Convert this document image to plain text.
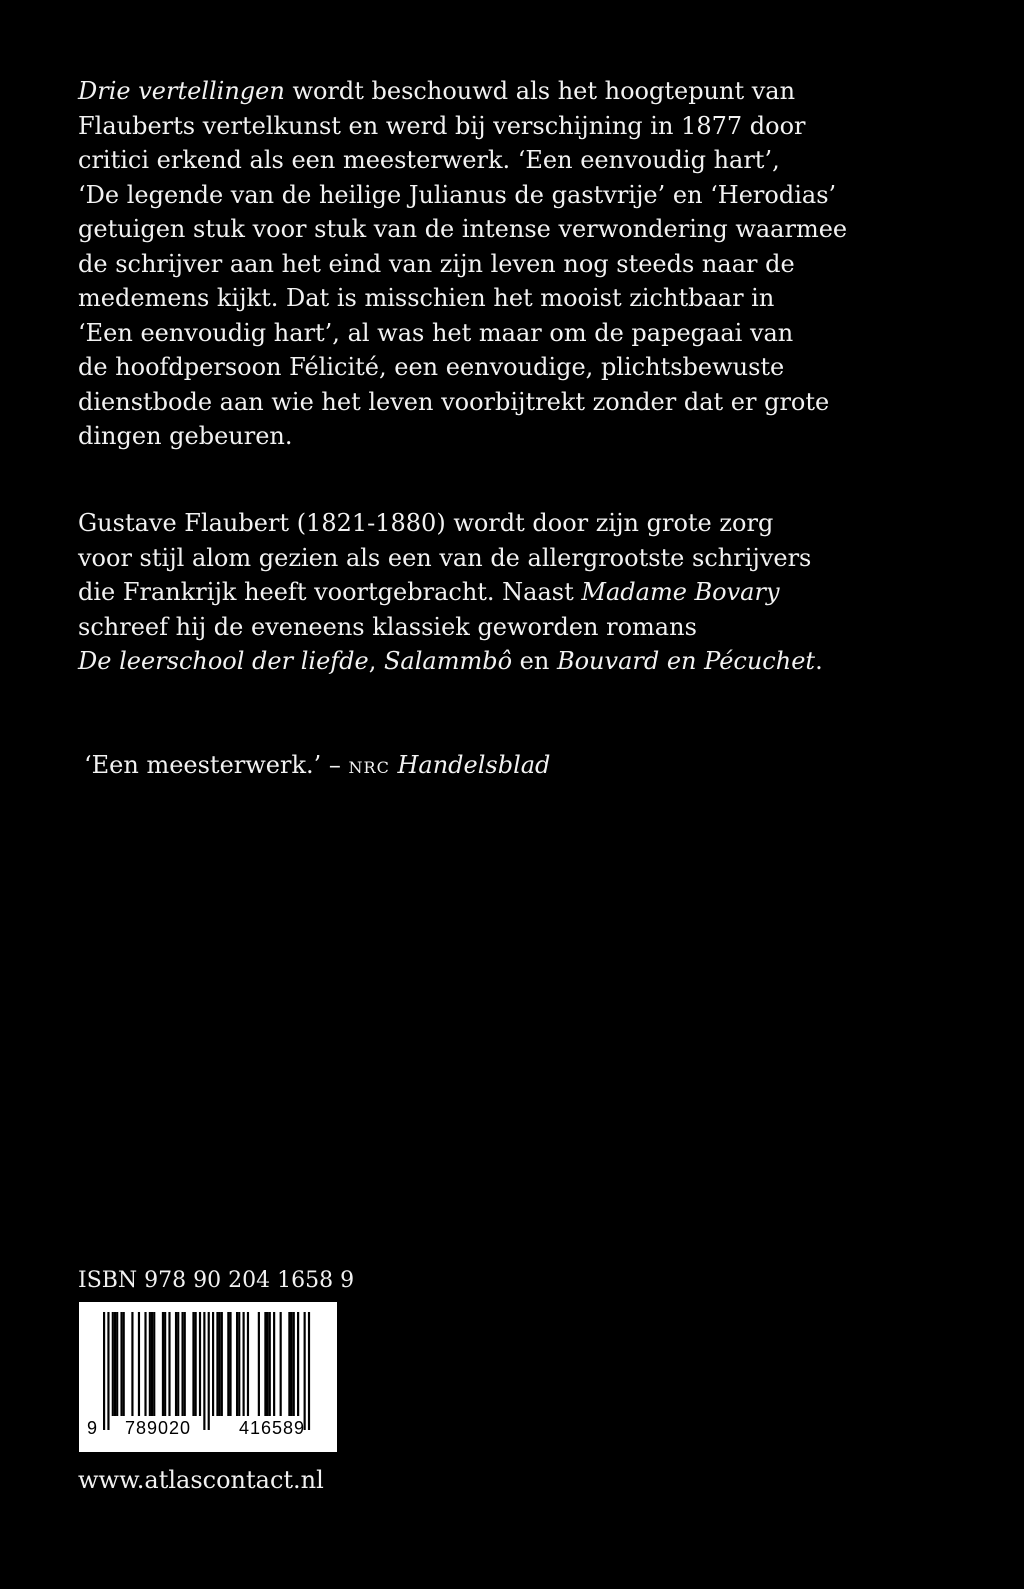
Drie vertellingen wordt beschouwd als het hoogtepunt van
Flauberts vertelkunst en werd bij verschijning in 1877 door
critici erkend als een meesterwerk. ‘Een eenvoudig hart’,
‘De legende van de heilige Julianus de gastvrije’ en ‘Herodias’
getuigen stuk voor stuk van de intense verwondering waarmee
de schrijver aan het eind van zijn leven nog steeds naar de
medemens kijkt. Dat is misschien het mooist zichtbaar in
‘Een eenvoudig hart’, al was het maar om de papegaai van
de hoofdpersoon Félicité, een eenvoudige, plichtsbewuste
dienstbode aan wie het leven voorbijtrekt zonder dat er grote
dingen gebeuren.

Gustave Flaubert (1821-1880) wordt door zijn grote zorg
voor stijl alom gezien als een van de allergrootste schrijvers
die Frankrijk heeft voortgebracht. Naast Madame Bovary
schreef hij de eveneens klassiek geworden romans
De leerschool der liefde, Salammbô en Bouvard en Pécuchet.

‘Een meesterwerk.’ – NRC Handelsblad
ISBN 978 90 204 1658 9
9 789020	416589
www.atlascontact.nl
